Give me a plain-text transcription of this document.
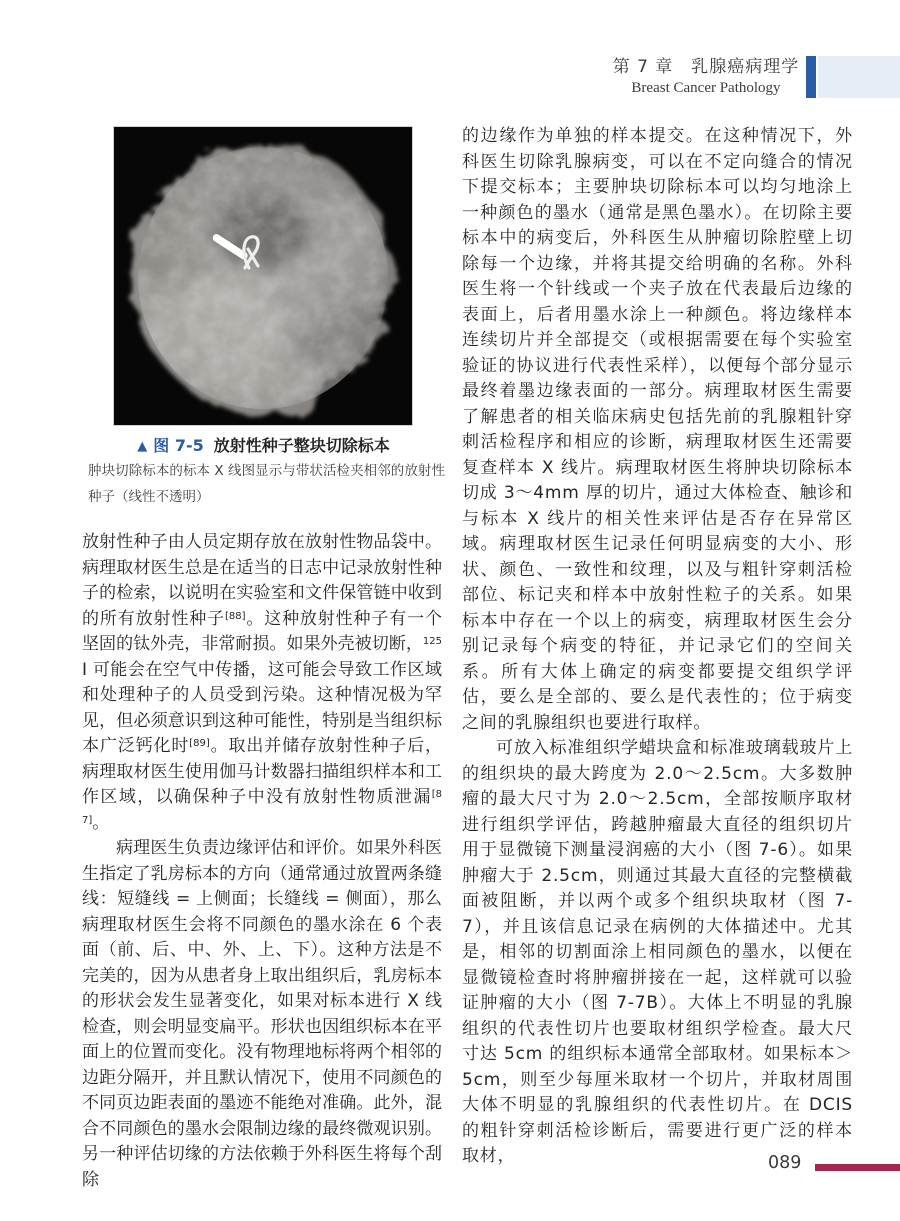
第 7 章　乳腺癌病理学
Breast Cancer Pathology
▲ 图 7-5 放射性种子整块切除标本
肿块切除标本的标本 X 线图显示与带状活检夹相邻的放射性种子（线性不透明）

放射性种子由人员定期存放在放射性物品袋中。病理取材医生总是在适当的日志中记录放射性种子的检索，以说明在实验室和文件保管链中收到的所有放射性种子[88]。这种放射性种子有一个坚固的钛外壳，非常耐损。如果外壳被切断，$^{125}$I 可能会在空气中传播，这可能会导致工作区域和处理种子的人员受到污染。这种情况极为罕见，但必须意识到这种可能性，特别是当组织标本广泛钙化时[89]。取出并储存放射性种子后，病理取材医生使用伽马计数器扫描组织样本和工作区域，以确保种子中没有放射性物质泄漏[87]。

病理医生负责边缘评估和评价。如果外科医生指定了乳房标本的方向（通常通过放置两条缝线：短缝线 = 上侧面；长缝线 = 侧面），那么病理取材医生会将不同颜色的墨水涂在 6 个表面（前、后、中、外、上、下）。这种方法是不完美的，因为从患者身上取出组织后，乳房标本的形状会发生显著变化，如果对标本进行 X 线检查，则会明显变扁平。形状也因组织标本在平面上的位置而变化。没有物理地标将两个相邻的边距分隔开，并且默认情况下，使用不同颜色的不同页边距表面的墨迹不能绝对准确。此外，混合不同颜色的墨水会限制边缘的最终微观识别。另一种评估切缘的方法依赖于外科医生将每个刮除

的边缘作为单独的样本提交。在这种情况下，外科医生切除乳腺病变，可以在不定向缝合的情况下提交标本；主要肿块切除标本可以均匀地涂上一种颜色的墨水（通常是黑色墨水）。在切除主要标本中的病变后，外科医生从肿瘤切除腔壁上切除每一个边缘，并将其提交给明确的名称。外科医生将一个针线或一个夹子放在代表最后边缘的表面上，后者用墨水涂上一种颜色。将边缘样本连续切片并全部提交（或根据需要在每个实验室验证的协议进行代表性采样），以便每个部分显示最终着墨边缘表面的一部分。病理取材医生需要了解患者的相关临床病史包括先前的乳腺粗针穿刺活检程序和相应的诊断，病理取材医生还需要复查样本 X 线片。病理取材医生将肿块切除标本切成 3～4mm 厚的切片，通过大体检查、触诊和与标本 X 线片的相关性来评估是否存在异常区域。病理取材医生记录任何明显病变的大小、形状、颜色、一致性和纹理，以及与粗针穿刺活检部位、标记夹和样本中放射性粒子的关系。如果标本中存在一个以上的病变，病理取材医生会分别记录每个病变的特征，并记录它们的空间关系。所有大体上确定的病变都要提交组织学评估，要么是全部的、要么是代表性的；位于病变之间的乳腺组织也要进行取样。

可放入标准组织学蜡块盒和标准玻璃载玻片上的组织块的最大跨度为 2.0～2.5cm。大多数肿瘤的最大尺寸为 2.0～2.5cm，全部按顺序取材进行组织学评估，跨越肿瘤最大直径的组织切片用于显微镜下测量浸润癌的大小（图 7-6）。如果肿瘤大于 2.5cm，则通过其最大直径的完整横截面被阻断，并以两个或多个组织块取材（图 7-7），并且该信息记录在病例的大体描述中。尤其是，相邻的切割面涂上相同颜色的墨水，以便在显微镜检查时将肿瘤拼接在一起，这样就可以验证肿瘤的大小（图 7-7B）。大体上不明显的乳腺组织的代表性切片也要取材组织学检查。最大尺寸达 5cm 的组织标本通常全部取材。如果标本＞ 5cm，则至少每厘米取材一个切片，并取材周围大体不明显的乳腺组织的代表性切片。在 DCIS 的粗针穿刺活检诊断后，需要进行更广泛的样本取材，	089
